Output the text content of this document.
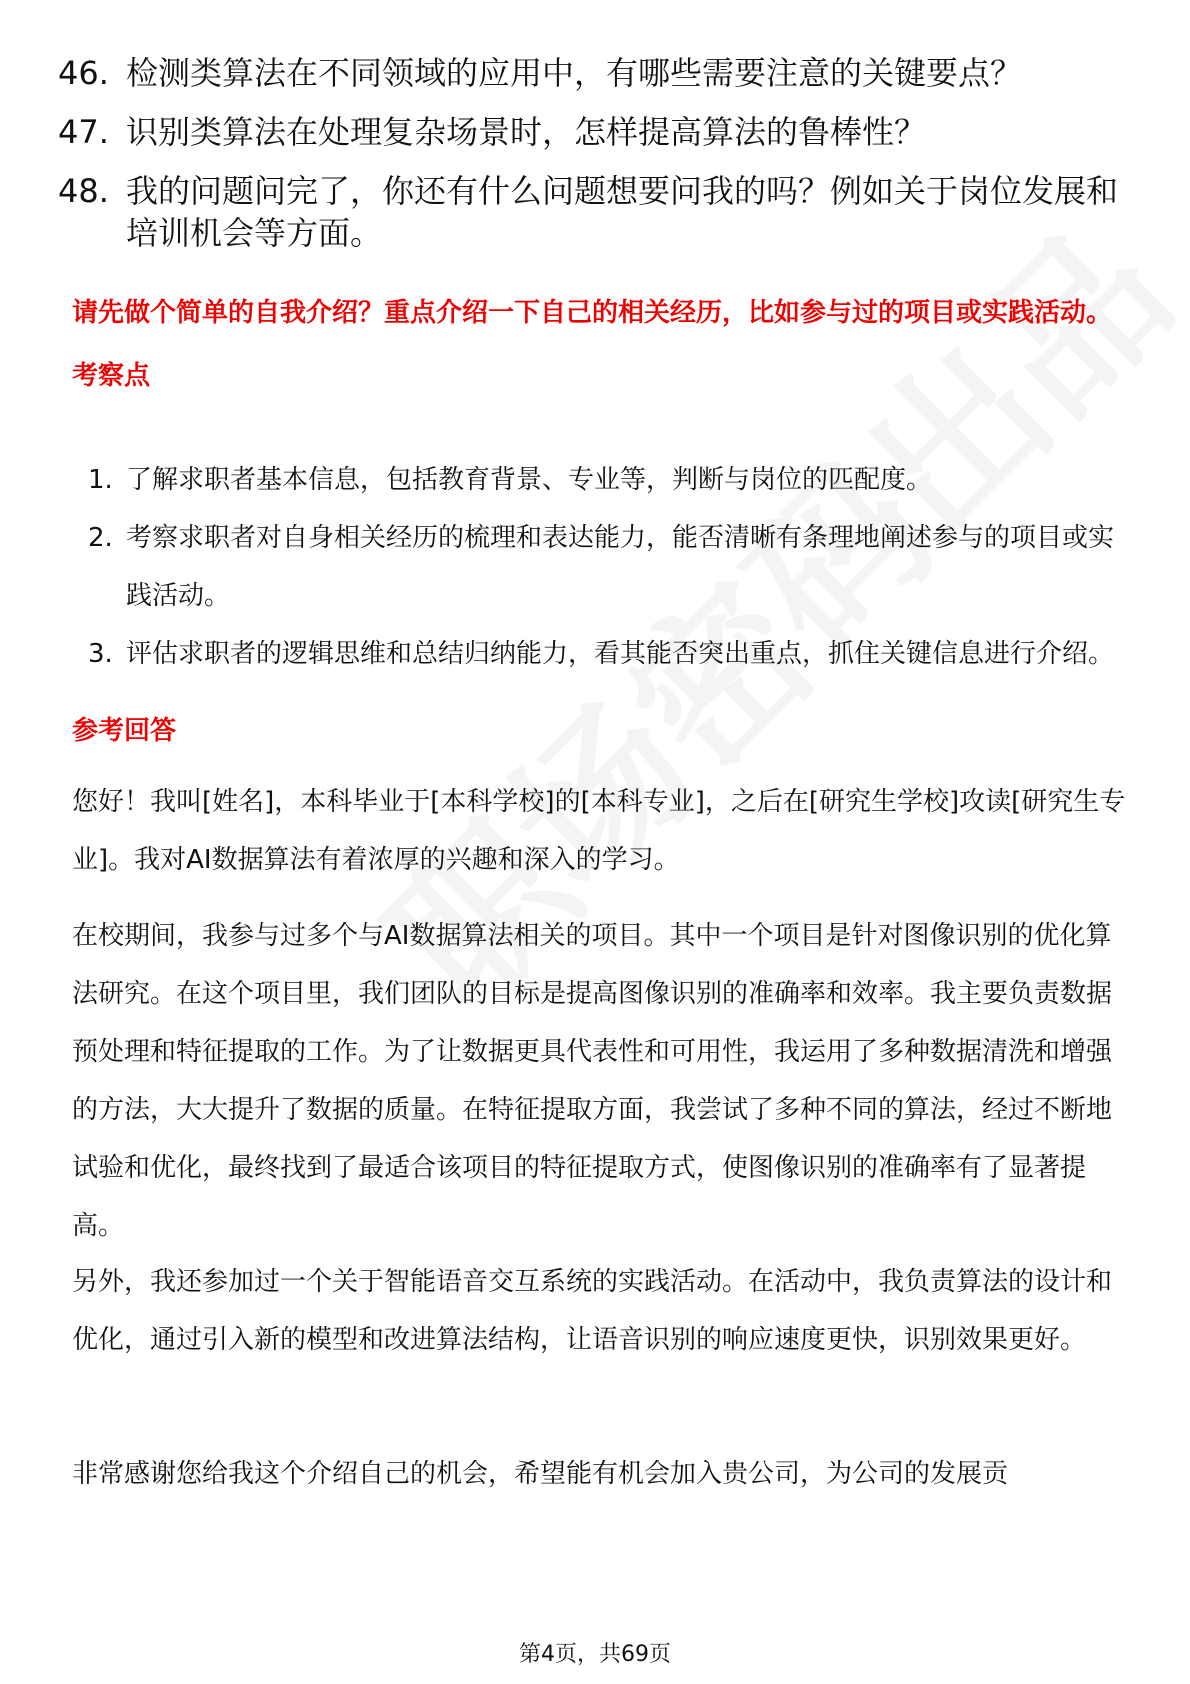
46. 检测类算法在不同领域的应用中，有哪些需要注意的关键要点？
47. 识别类算法在处理复杂场景时，怎样提高算法的鲁棒性？
48. 我的问题问完了，你还有什么问题想要问我的吗？例如关于岗位发展和培训机会等方面。
请先做个简单的自我介绍？重点介绍一下自己的相关经历，比如参与过的项目或实践活动。
考察点
1. 了解求职者基本信息，包括教育背景、专业等，判断与岗位的匹配度。
2. 考察求职者对自身相关经历的梳理和表达能力，能否清晰有条理地阐述参与的项目或实践活动。
3. 评估求职者的逻辑思维和总结归纳能力，看其能否突出重点，抓住关键信息进行介绍。
参考回答
您好！我叫[姓名]，本科毕业于[本科学校]的[本科专业]，之后在[研究生学校]攻读[研究生专业]。我对AI数据算法有着浓厚的兴趣和深入的学习。
在校期间，我参与过多个与AI数据算法相关的项目。其中一个项目是针对图像识别的优化算法研究。在这个项目里，我们团队的目标是提高图像识别的准确率和效率。我主要负责数据预处理和特征提取的工作。为了让数据更具代表性和可用性，我运用了多种数据清洗和增强的方法，大大提升了数据的质量。在特征提取方面，我尝试了多种不同的算法，经过不断地试验和优化，最终找到了最适合该项目的特征提取方式，使图像识别的准确率有了显著提高。
另外，我还参加过一个关于智能语音交互系统的实践活动。在活动中，我负责算法的设计和优化，通过引入新的模型和改进算法结构，让语音识别的响应速度更快，识别效果更好。
非常感谢您给我这个介绍自己的机会，希望能有机会加入贵公司，为公司的发展贡
第4页，共69页
